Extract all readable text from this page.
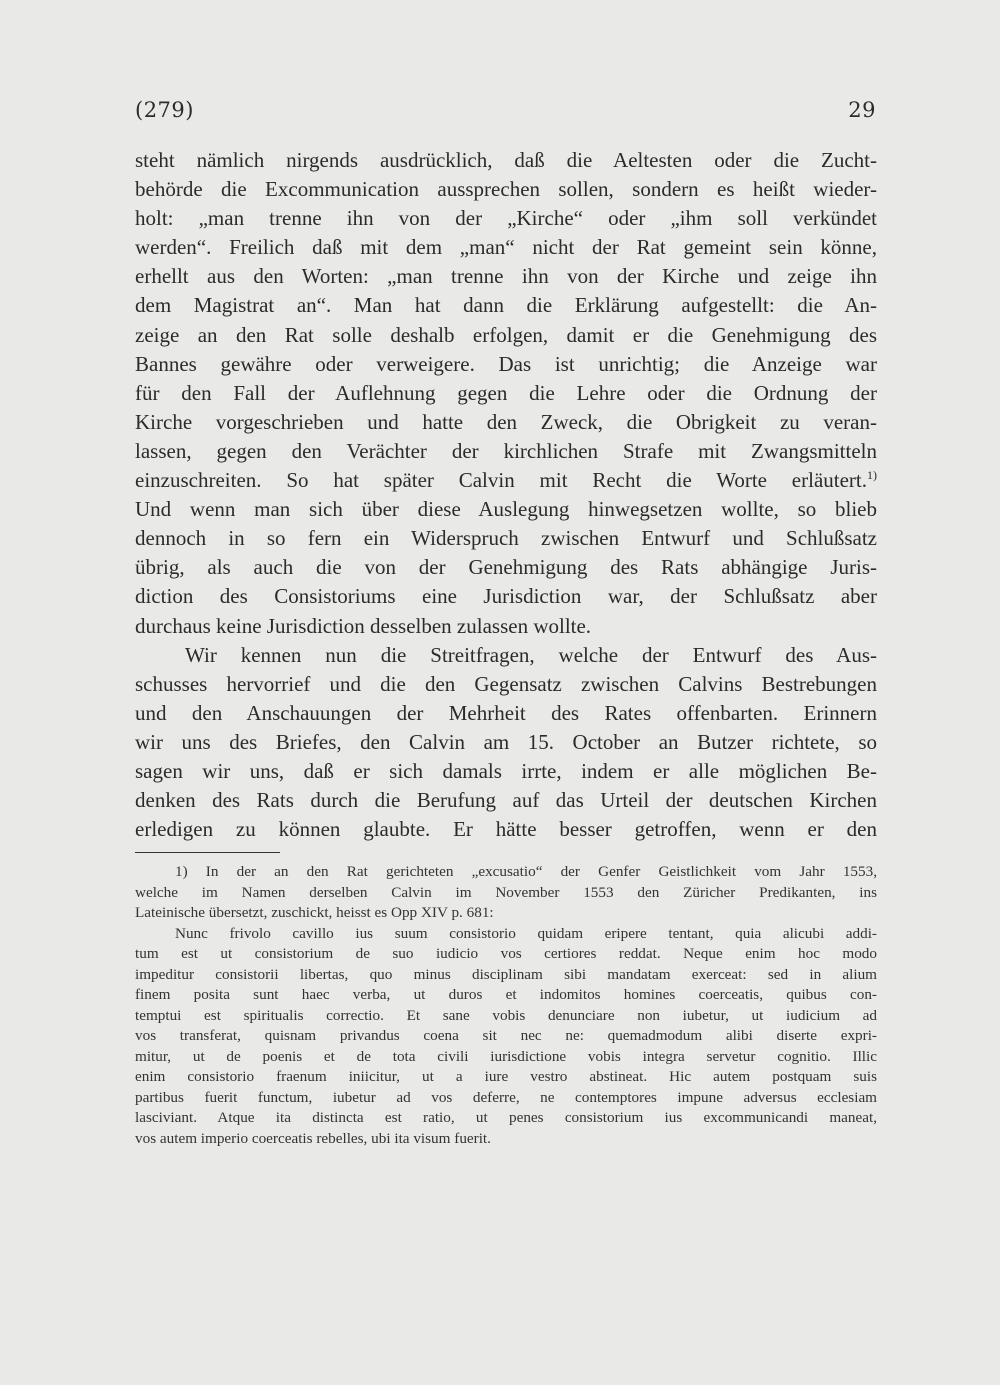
(279)	29

steht nämlich nirgends ausdrücklich, daß die Aeltesten oder die Zucht-
behörde die Excommunication aussprechen sollen, sondern es heißt wieder-
holt: „man trenne ihn von der „Kirche“ oder „ihm soll verkündet
werden“. Freilich daß mit dem „man“ nicht der Rat gemeint sein könne,
erhellt aus den Worten: „man trenne ihn von der Kirche und zeige ihn
dem Magistrat an“. Man hat dann die Erklärung aufgestellt: die An-
zeige an den Rat solle deshalb erfolgen, damit er die Genehmigung des
Bannes gewähre oder verweigere. Das ist unrichtig; die Anzeige war
für den Fall der Auflehnung gegen die Lehre oder die Ordnung der
Kirche vorgeschrieben und hatte den Zweck, die Obrigkeit zu veran-
lassen, gegen den Verächter der kirchlichen Strafe mit Zwangsmitteln
einzuschreiten. So hat später Calvin mit Recht die Worte erläutert.$^{1)}$
Und wenn man sich über diese Auslegung hinwegsetzen wollte, so blieb
dennoch in so fern ein Widerspruch zwischen Entwurf und Schlußsatz
übrig, als auch die von der Genehmigung des Rats abhängige Juris-
diction des Consistoriums eine Jurisdiction war, der Schlußsatz aber
durchaus keine Jurisdiction desselben zulassen wollte.

Wir kennen nun die Streitfragen, welche der Entwurf des Aus-
schusses hervorrief und die den Gegensatz zwischen Calvins Bestrebungen
und den Anschauungen der Mehrheit des Rates offenbarten. Erinnern
wir uns des Briefes, den Calvin am 15. October an Butzer richtete, so
sagen wir uns, daß er sich damals irrte, indem er alle möglichen Be-
denken des Rats durch die Berufung auf das Urteil der deutschen Kirchen
erledigen zu können glaubte. Er hätte besser getroffen, wenn er den

1) In der an den Rat gerichteten „excusatio“ der Genfer Geistlichkeit vom Jahr 1553,
welche im Namen derselben Calvin im November 1553 den Züricher Predikanten, ins
Lateinische übersetzt, zuschickt, heisst es Opp XIV p. 681:
Nunc frivolo cavillo ius suum consistorio quidam eripere tentant, quia alicubi addi-
tum est ut consistorium de suo iudicio vos certiores reddat. Neque enim hoc modo
impeditur consistorii libertas, quo minus disciplinam sibi mandatam exerceat: sed in alium
finem posita sunt haec verba, ut duros et indomitos homines coerceatis, quibus con-
temptui est spiritualis correctio. Et sane vobis denunciare non iubetur, ut iudicium ad
vos transferat, quisnam privandus coena sit nec ne: quemadmodum alibi diserte expri-
mitur, ut de poenis et de tota civili iurisdictione vobis integra servetur cognitio. Illic
enim consistorio fraenum iniicitur, ut a iure vestro abstineat. Hic autem postquam suis
partibus fuerit functum, iubetur ad vos deferre, ne contemptores impune adversus ecclesiam
lasciviant. Atque ita distincta est ratio, ut penes consistorium ius excommunicandi maneat,
vos autem imperio coerceatis rebelles, ubi ita visum fuerit.
